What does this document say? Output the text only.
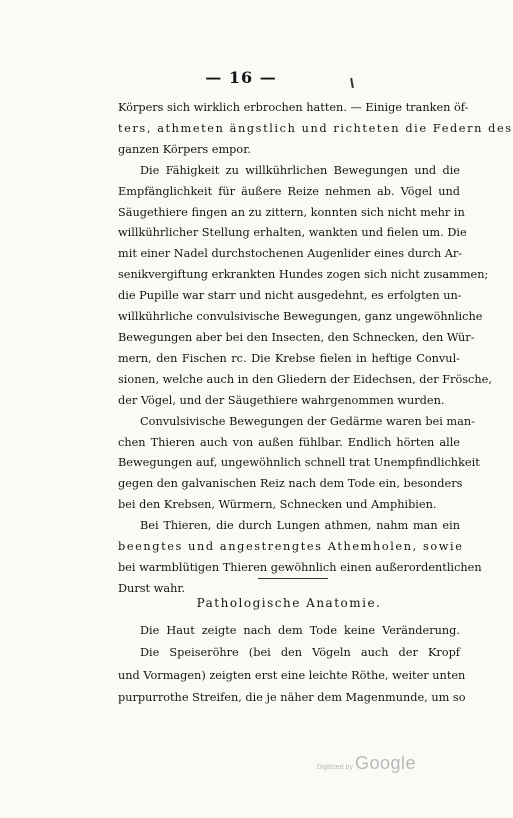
— 16 —
Körpers sich wirklich erbrochen hatten. — Einige tranken öf-
ters, athmeten ängstlich und richteten die Federn des
ganzen Körpers empor.
Die Fähigkeit zu willkührlichen Bewegungen und die
Empfänglichkeit für äußere Reize nehmen ab. Vögel und
Säugethiere fingen an zu zittern, konnten sich nicht mehr in
willkührlicher Stellung erhalten, wankten und fielen um. Die
mit einer Nadel durchstochenen Augenlider eines durch Ar-
senikvergiftung erkrankten Hundes zogen sich nicht zusammen;
die Pupille war starr und nicht ausgedehnt, es erfolgten un-
willkührliche convulsivische Bewegungen, ganz ungewöhnliche
Bewegungen aber bei den Insecten, den Schnecken, den Wür-
mern, den Fischen rc. Die Krebse fielen in heftige Convul-
sionen, welche auch in den Gliedern der Eidechsen, der Frösche,
der Vögel, und der Säugethiere wahrgenommen wurden.
Convulsivische Bewegungen der Gedärme waren bei man-
chen Thieren auch von außen fühlbar. Endlich hörten alle
Bewegungen auf, ungewöhnlich schnell trat Unempfindlichkeit
gegen den galvanischen Reiz nach dem Tode ein, besonders
bei den Krebsen, Würmern, Schnecken und Amphibien.
Bei Thieren, die durch Lungen athmen, nahm man ein
beengtes und angestrengtes Athemholen, sowie
bei warmblütigen Thieren gewöhnlich einen außerordentlichen
Durst wahr.
Pathologische Anatomie.
Die Haut zeigte nach dem Tode keine Veränderung.
Die Speiseröhre (bei den Vögeln auch der Kropf
und Vormagen) zeigten erst eine leichte Röthe, weiter unten
purpurrothe Streifen, die je näher dem Magenmunde, um so
Digitized by Google
